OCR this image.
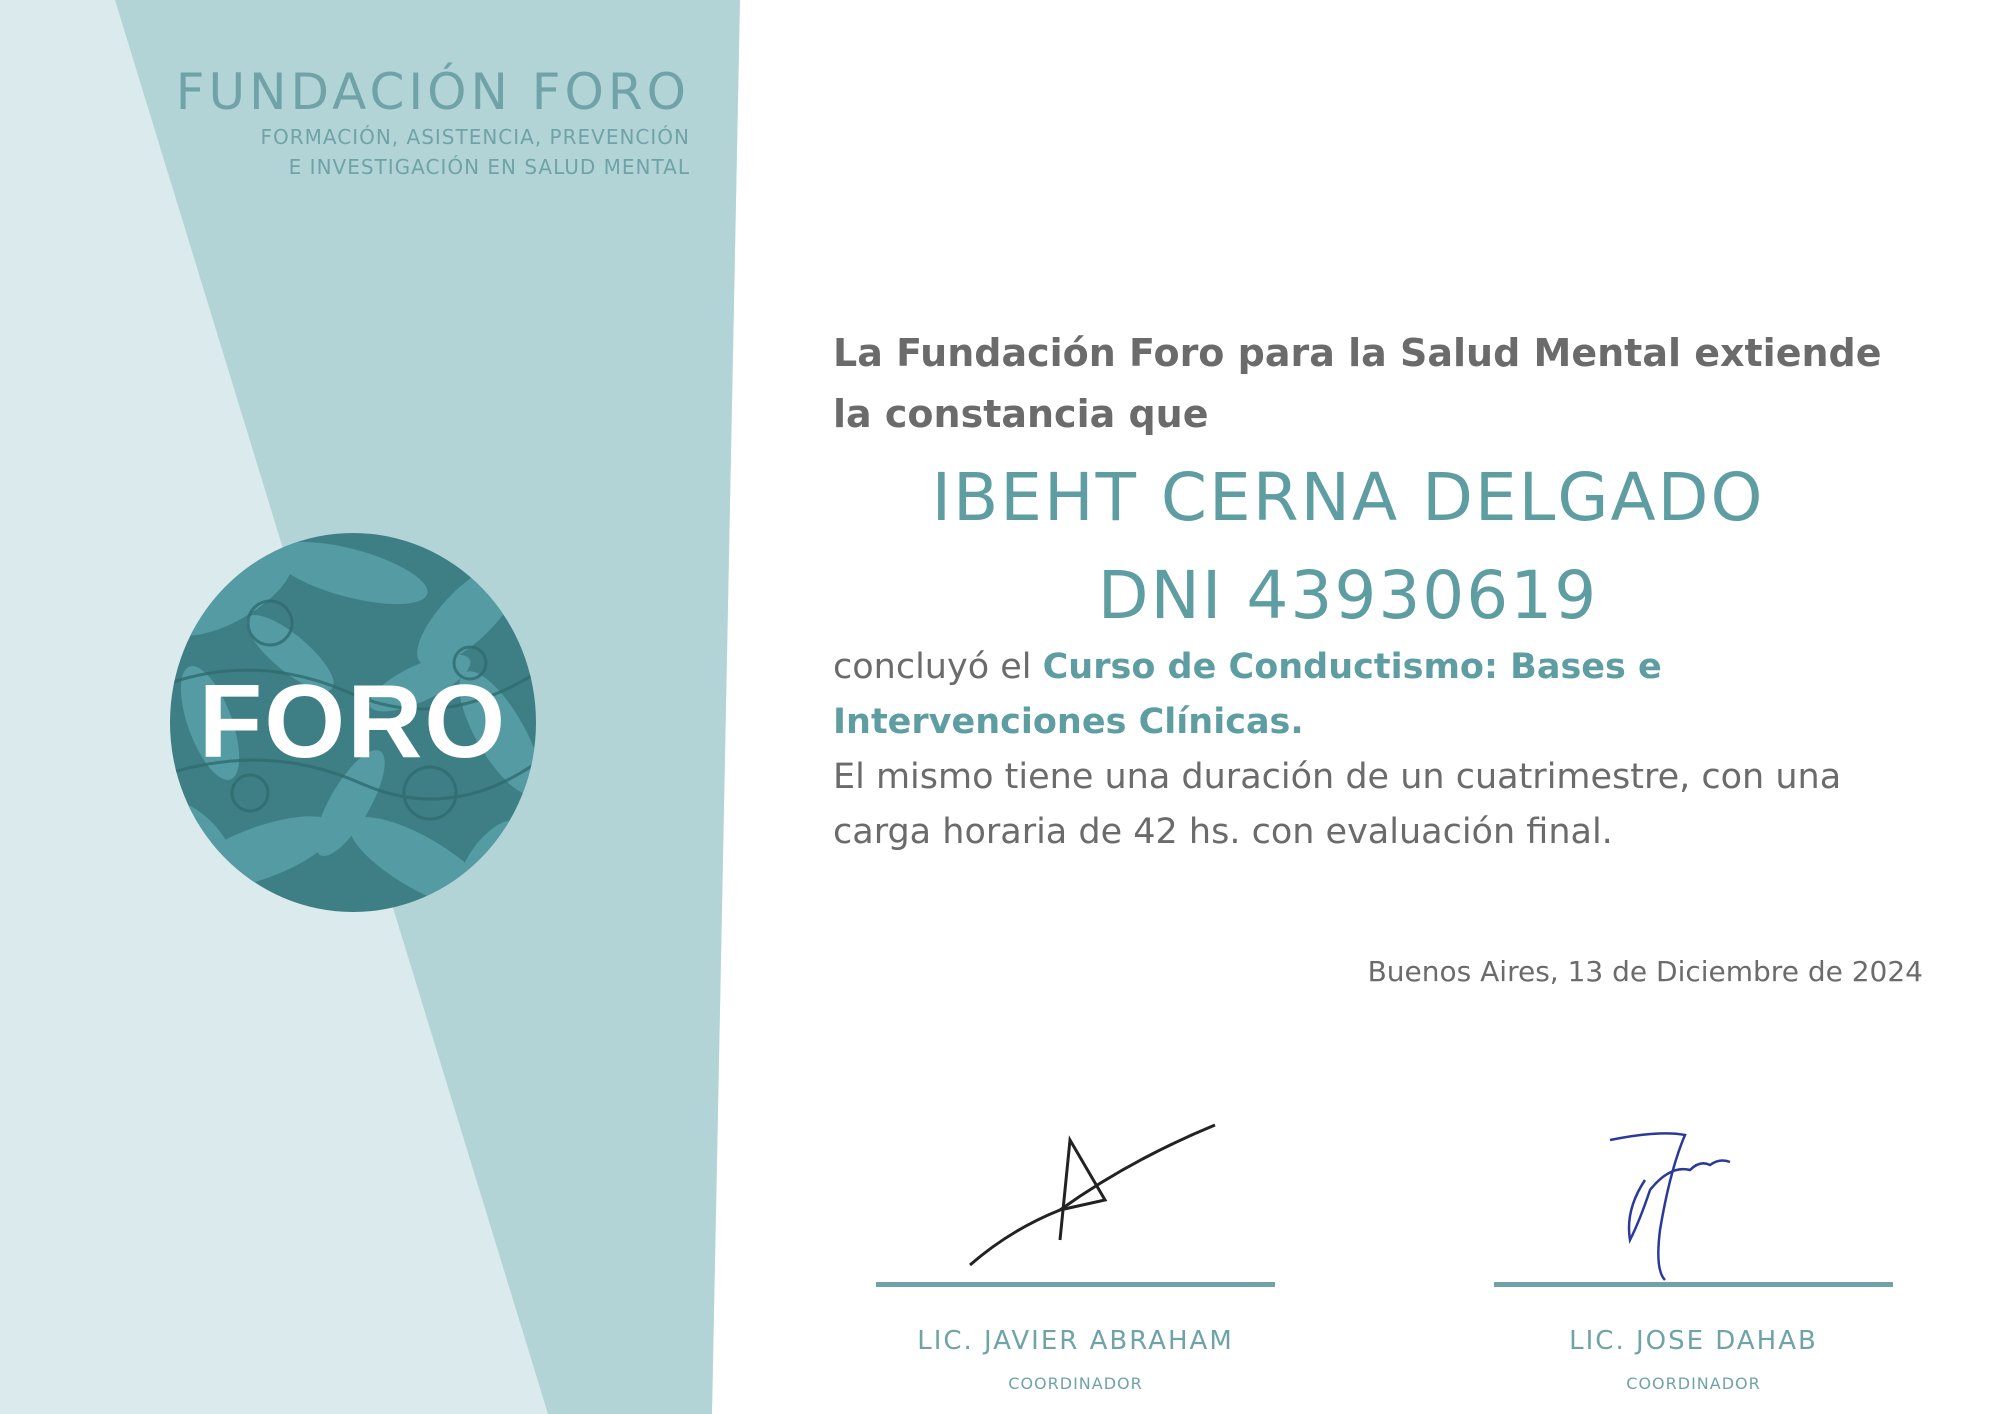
FUNDACIÓN FORO
FORMACIÓN, ASISTENCIA, PREVENCIÓN
E INVESTIGACIÓN EN SALUD MENTAL
FORO
La Fundación Foro para la Salud Mental extiende la constancia que
IBEHT CERNA DELGADO
DNI 43930619
concluyó el Curso de Conductismo: Bases e Intervenciones Clínicas.
El mismo tiene una duración de un cuatrimestre, con una carga horaria de 42 hs. con evaluación final.
Buenos Aires, 13 de Diciembre de 2024
LIC. JAVIER ABRAHAM
COORDINADOR
LIC. JOSE DAHAB
COORDINADOR
